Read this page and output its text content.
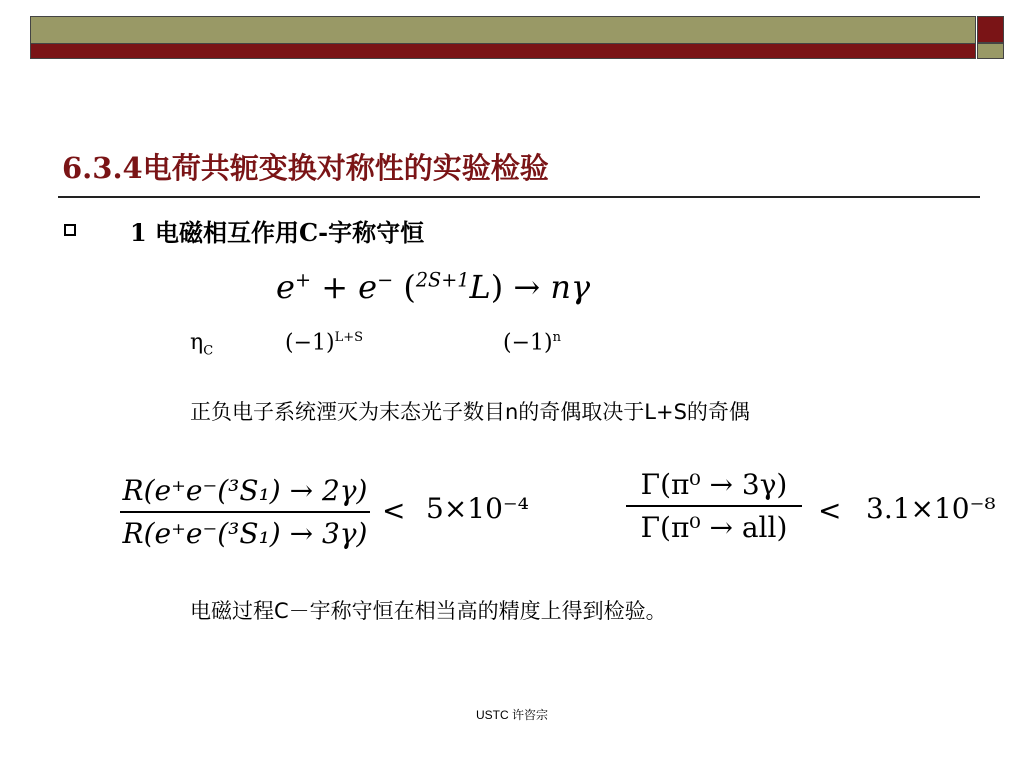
6.3.4电荷共轭变换对称性的实验检验
1 电磁相互作用C-宇称守恒
e+ + e− ($^{2S+1}$L) → nγ
$\eta_C$	$(-1)^{L+S}$	$(-1)^n$
正负电子系统湮灭为末态光子数目n的奇偶取决于L+S的奇偶
R(e⁺e⁻(³S₁) → 2γ)
R(e⁺e⁻(³S₁) → 3γ)
< 5×10⁻⁴
Γ(π⁰ → 3γ)
Γ(π⁰ → all)
< 3.1×10⁻⁸
电磁过程C－宇称守恒在相当高的精度上得到检验。
USTC 许咨宗
